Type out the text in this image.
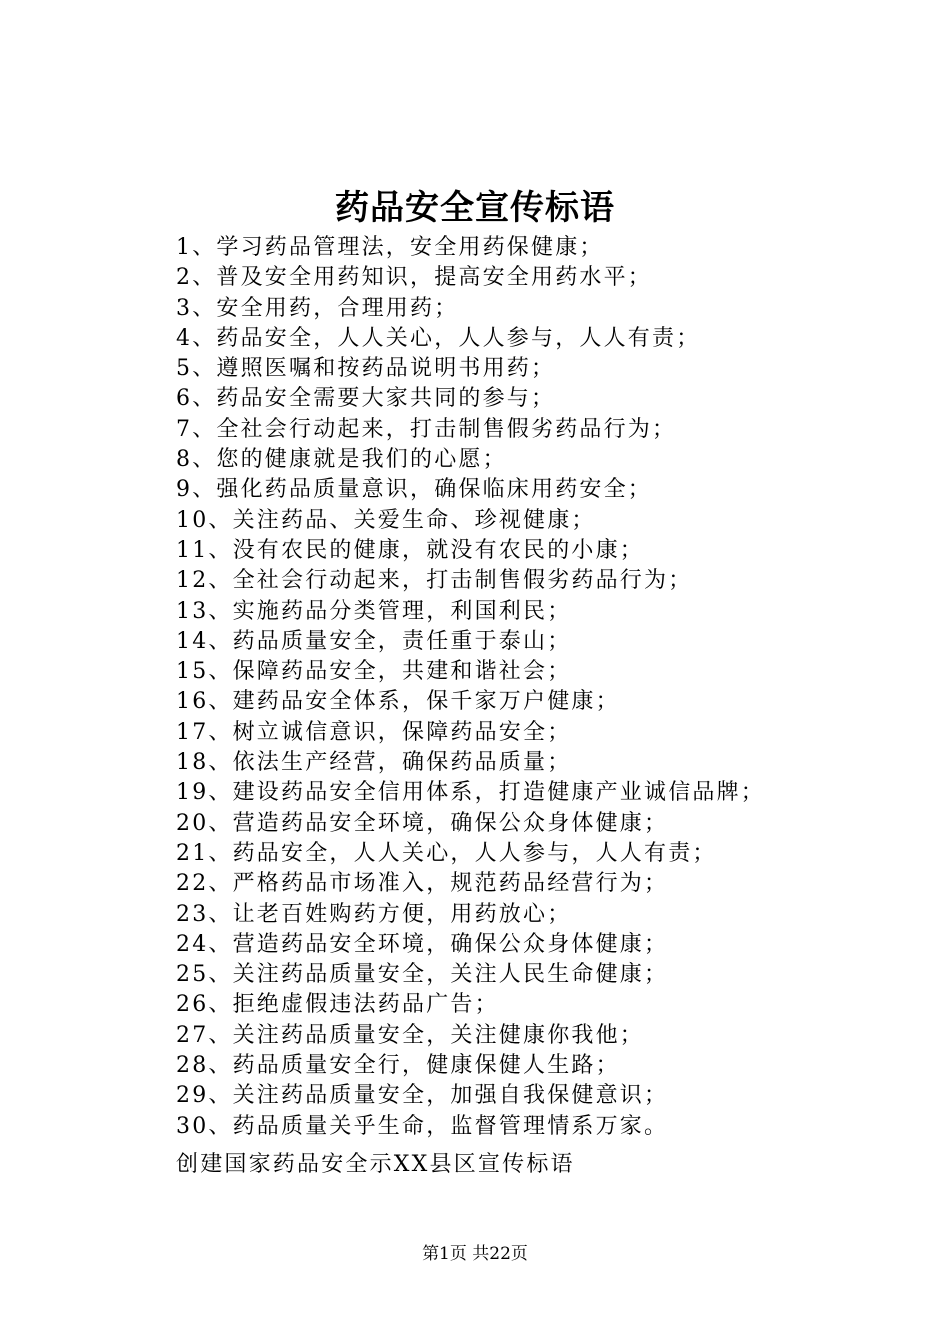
药品安全宣传标语
1、学习药品管理法，安全用药保健康；
2、普及安全用药知识，提高安全用药水平；
3、安全用药，合理用药；
4、药品安全，人人关心，人人参与，人人有责；
5、遵照医嘱和按药品说明书用药；
6、药品安全需要大家共同的参与；
7、全社会行动起来，打击制售假劣药品行为；
8、您的健康就是我们的心愿；
9、强化药品质量意识，确保临床用药安全；
10、关注药品、关爱生命、珍视健康；
11、没有农民的健康，就没有农民的小康；
12、全社会行动起来，打击制售假劣药品行为；
13、实施药品分类管理，利国利民；
14、药品质量安全，责任重于泰山；
15、保障药品安全，共建和谐社会；
16、建药品安全体系，保千家万户健康；
17、树立诚信意识，保障药品安全；
18、依法生产经营，确保药品质量；
19、建设药品安全信用体系，打造健康产业诚信品牌；
20、营造药品安全环境，确保公众身体健康；
21、药品安全，人人关心，人人参与，人人有责；
22、严格药品市场准入，规范药品经营行为；
23、让老百姓购药方便，用药放心；
24、营造药品安全环境，确保公众身体健康；
25、关注药品质量安全，关注人民生命健康；
26、拒绝虚假违法药品广告；
27、关注药品质量安全，关注健康你我他；
28、药品质量安全行，健康保健人生路；
29、关注药品质量安全，加强自我保健意识；
30、药品质量关乎生命，监督管理情系万家。
创建国家药品安全示XX县区宣传标语
第1页 共22页
